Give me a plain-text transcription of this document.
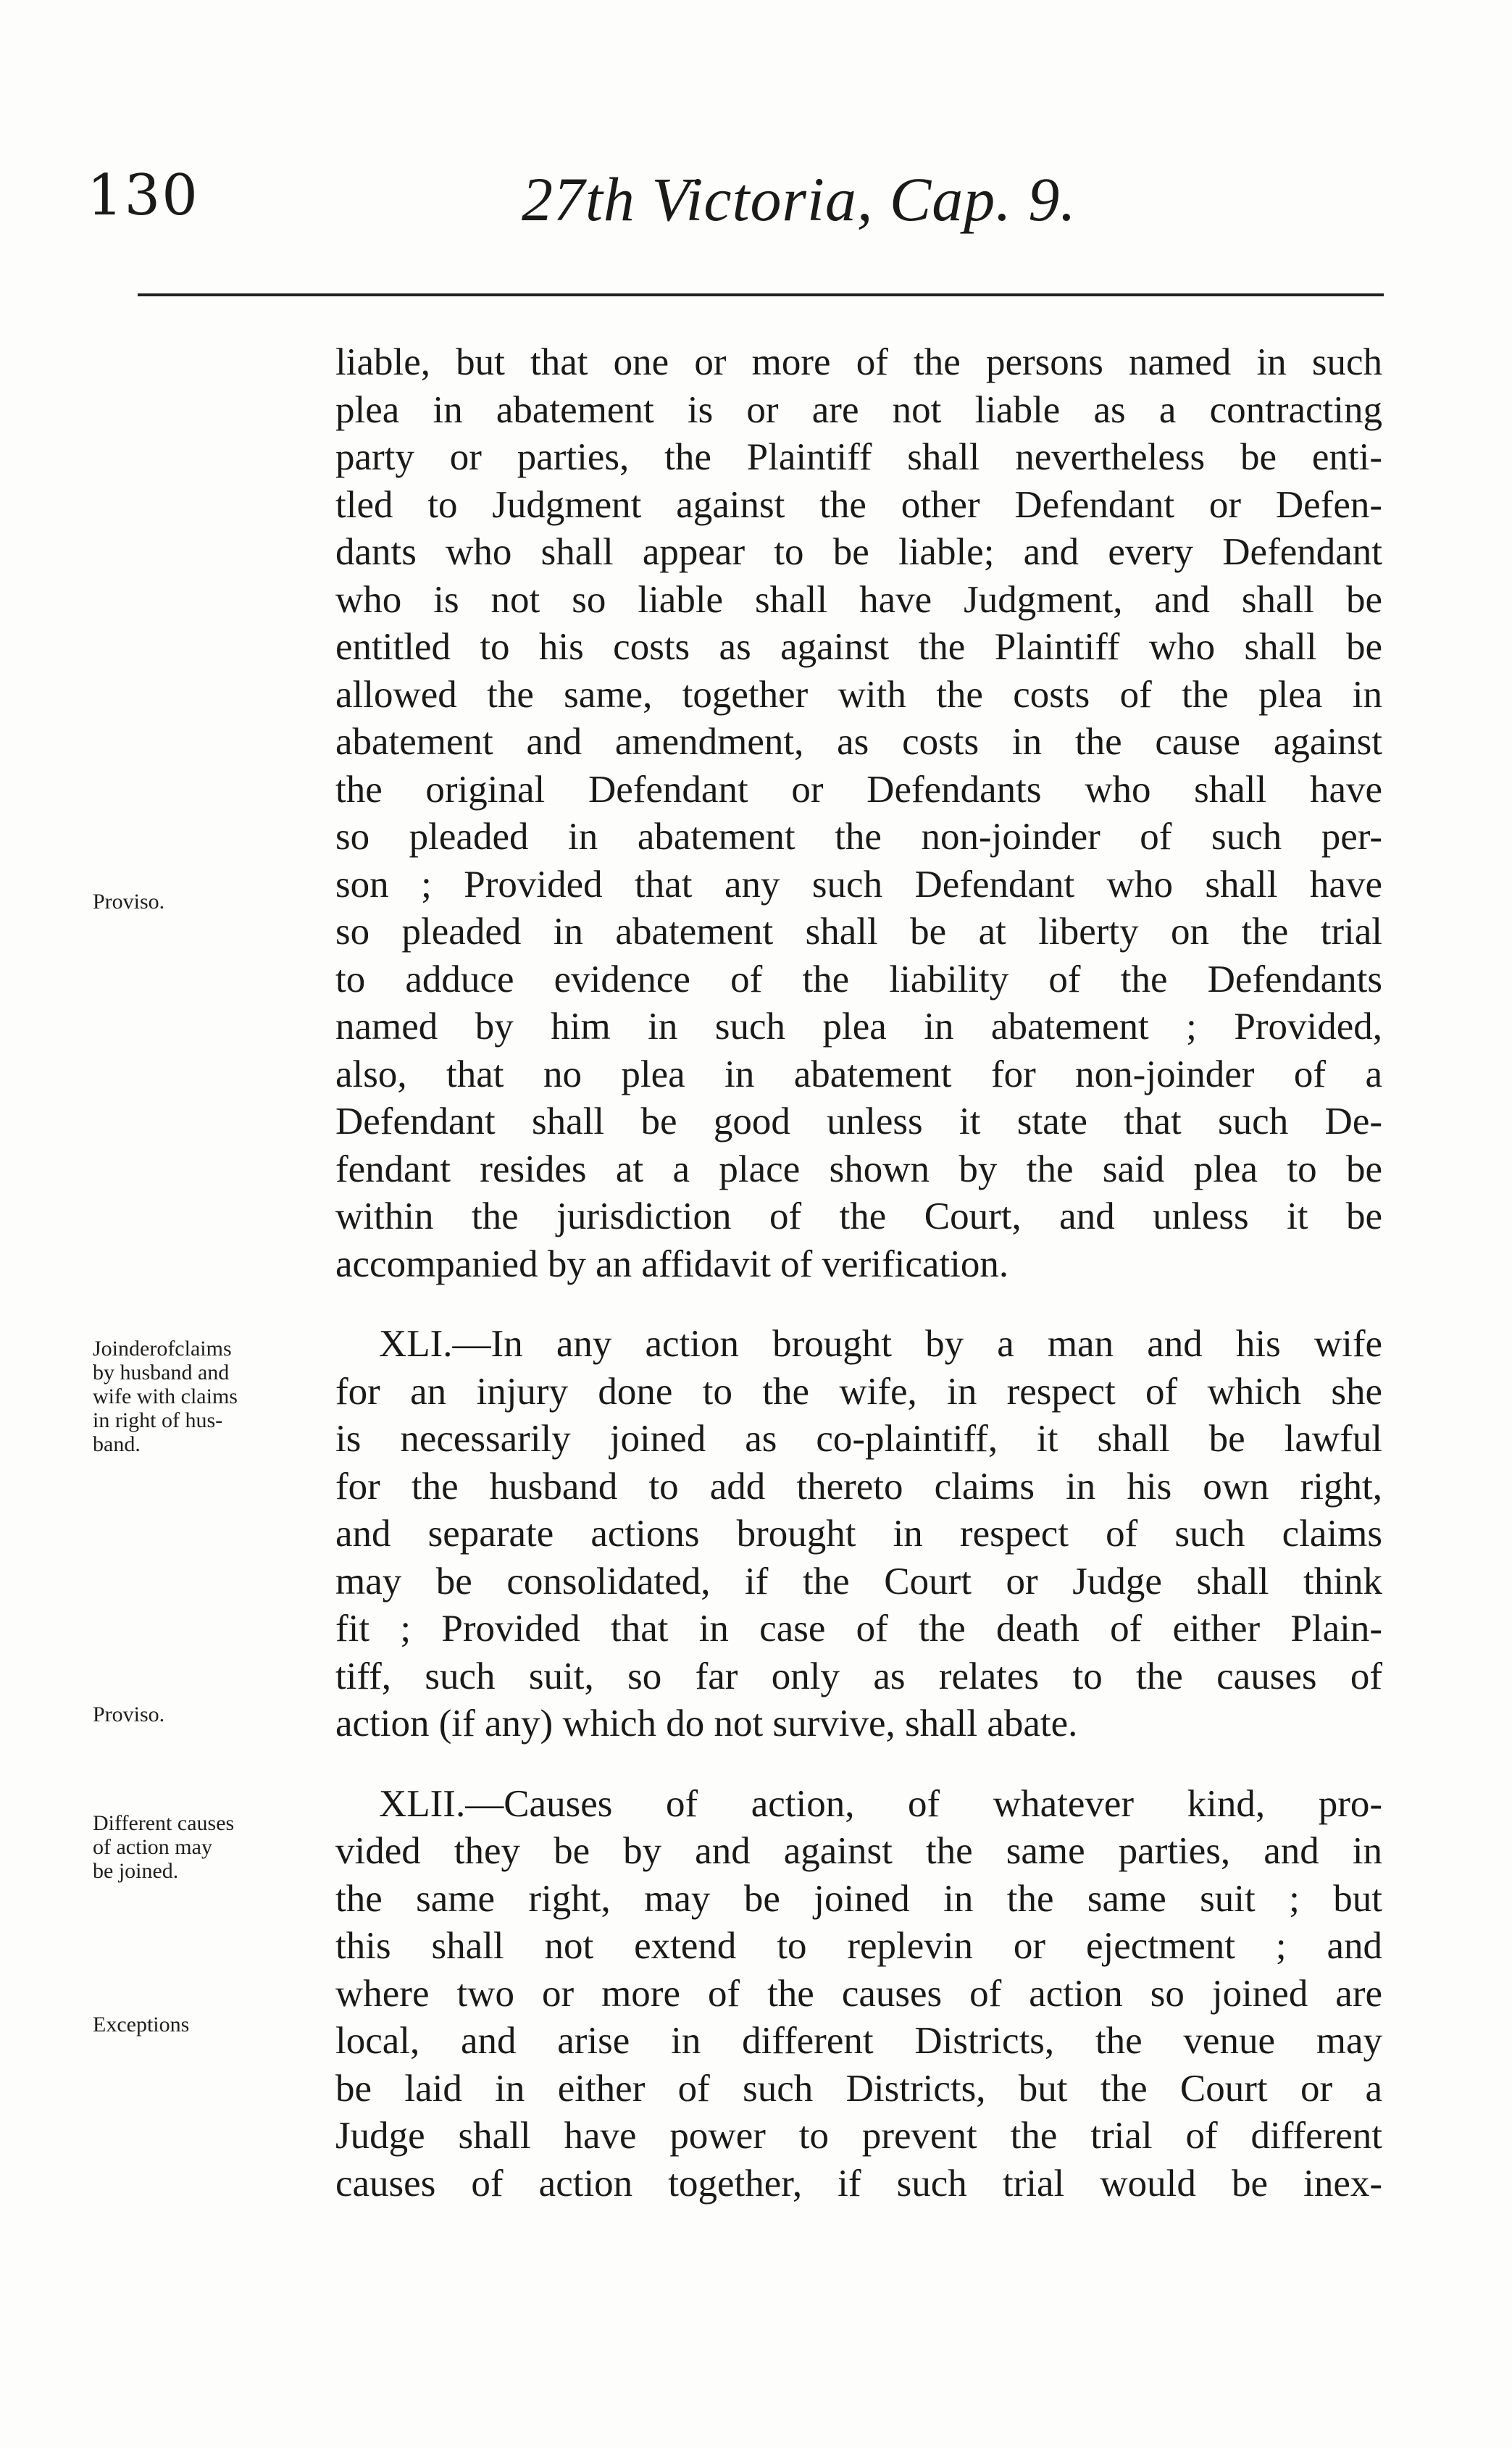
130	27th Victoria, Cap. 9.
Proviso.
Joinderofclaims
by husband and
wife with claims
in right of hus-
band.
Proviso.
Different causes
of action may
be joined.
Exceptions
liable, but that one or more of the persons named in such
plea in abatement is or are not liable as a contracting
party or parties, the Plaintiff shall nevertheless be enti-
tled to Judgment against the other Defendant or Defen-
dants who shall appear to be liable; and every Defendant
who is not so liable shall have Judgment, and shall be
entitled to his costs as against the Plaintiff who shall be
allowed the same, together with the costs of the plea in
abatement and amendment, as costs in the cause against
the original Defendant or Defendants who shall have
so pleaded in abatement the non-joinder of such per-
son ; Provided that any such Defendant who shall have
so pleaded in abatement shall be at liberty on the trial
to adduce evidence of the liability of the Defendants
named by him in such plea in abatement ; Provided,
also, that no plea in abatement for non-joinder of a
Defendant shall be good unless it state that such De-
fendant resides at a place shown by the said plea to be
within the jurisdiction of the Court, and unless it be
accompanied by an affidavit of verification.
XLI.—In any action brought by a man and his wife
for an injury done to the wife, in respect of which she
is necessarily joined as co-plaintiff, it shall be lawful
for the husband to add thereto claims in his own right,
and separate actions brought in respect of such claims
may be consolidated, if the Court or Judge shall think
fit ; Provided that in case of the death of either Plain-
tiff, such suit, so far only as relates to the causes of
action (if any) which do not survive, shall abate.
XLII.—Causes of action, of whatever kind, pro-
vided they be by and against the same parties, and in
the same right, may be joined in the same suit ; but
this shall not extend to replevin or ejectment ; and
where two or more of the causes of action so joined are
local, and arise in different Districts, the venue may
be laid in either of such Districts, but the Court or a
Judge shall have power to prevent the trial of different
causes of action together, if such trial would be inex-
